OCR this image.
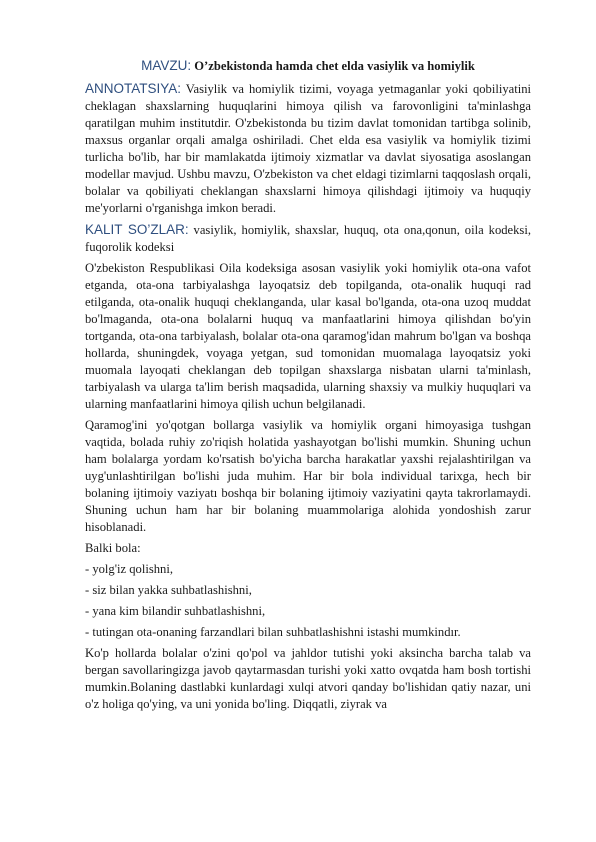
MAVZU: O’zbekistonda hamda chet elda vasiylik va homiylik

ANNOTATSIYA: Vasiylik va homiylik tizimi, voyaga yetmaganlar yoki qobiliyatini cheklagan shaxslarning huquqlarini himoya qilish va farovonligini ta'minlashga qaratilgan muhim institutdir. O'zbekistonda bu tizim davlat tomonidan tartibga solinib, maxsus organlar orqali amalga oshiriladi. Chet elda esa vasiylik va homiylik tizimi turlicha bo'lib, har bir mamlakatda ijtimoiy xizmatlar va davlat siyosatiga asoslangan modellar mavjud. Ushbu mavzu, O'zbekiston va chet eldagi tizimlarni taqqoslash orqali, bolalar va qobiliyati cheklangan shaxslarni himoya qilishdagi ijtimoiy va huquqiy me'yorlarni o'rganishga imkon beradi.

KALIT SO’ZLAR: vasiylik, homiylik, shaxslar, huquq, ota ona,qonun, oila kodeksi, fuqorolik kodeksi

O'zbekiston Respublikasi Oila kodeksiga asosan vasiylik yoki homiylik ota-ona vafot etganda, ota-ona tarbiyalashga layoqatsiz deb topilganda, ota-onalik huquqi rad etilganda, ota-onalik huquqi cheklanganda, ular kasal bo'lganda, ota-ona uzoq muddat bo'lmaganda, ota-ona bolalarni huquq va manfaatlarini himoya qilishdan bo'yin tortganda, ota-ona tarbiyalash, bolalar ota-ona qaramog'idan mahrum bo'lgan va boshqa hollarda, shuningdek, voyaga yetgan, sud tomonidan muomalaga layoqatsiz yoki muomala layoqati cheklangan deb topilgan shaxslarga nisbatan ularni ta'minlash, tarbiyalash va ularga ta'lim berish maqsadida, ularning shaxsiy va mulkiy huquqlari va ularning manfaatlarini himoya qilish uchun belgilanadi.

Qaramog'ini yo'qotgan bollarga vasiylik va homiylik organi himoyasiga tushgan vaqtida, bolada ruhiy zo'riqish holatida yashayotgan bo'lishi mumkin. Shuning uchun ham bolalarga yordam ko'rsatish bo'yicha barcha harakatlar yaxshi rejalashtirilgan va uyg'unlashtirilgan bo'lishi juda muhim. Har bir bola individual tarixga, hech bir bolaning ijtimoiy vaziyatı boshqa bir bolaning ijtimoiy vaziyatini qayta takrorlamaydi. Shuning uchun ham har bir bolaning muammolariga alohida yondoshish zarur hisoblanadi.

Balki bola:

- yolg'iz qolishni,
- siz bilan yakka suhbatlashishni,
- yana kim bilandir suhbatlashishni,
- tutingan ota-onaning farzandlari bilan suhbatlashishni istashi mumkindır.

Ko'p hollarda bolalar o'zini qo'pol va jahldor tutishi yoki aksincha barcha talab va bergan savollaringizga javob qaytarmasdan turishi yoki xatto ovqatda ham bosh tortishi mumkin.Bolaning dastlabki kunlardagi xulqi atvori qanday bo'lishidan qatiy nazar, uni o'z holiga qo'ying, va uni yonida bo'ling. Diqqatli, ziyrak va
